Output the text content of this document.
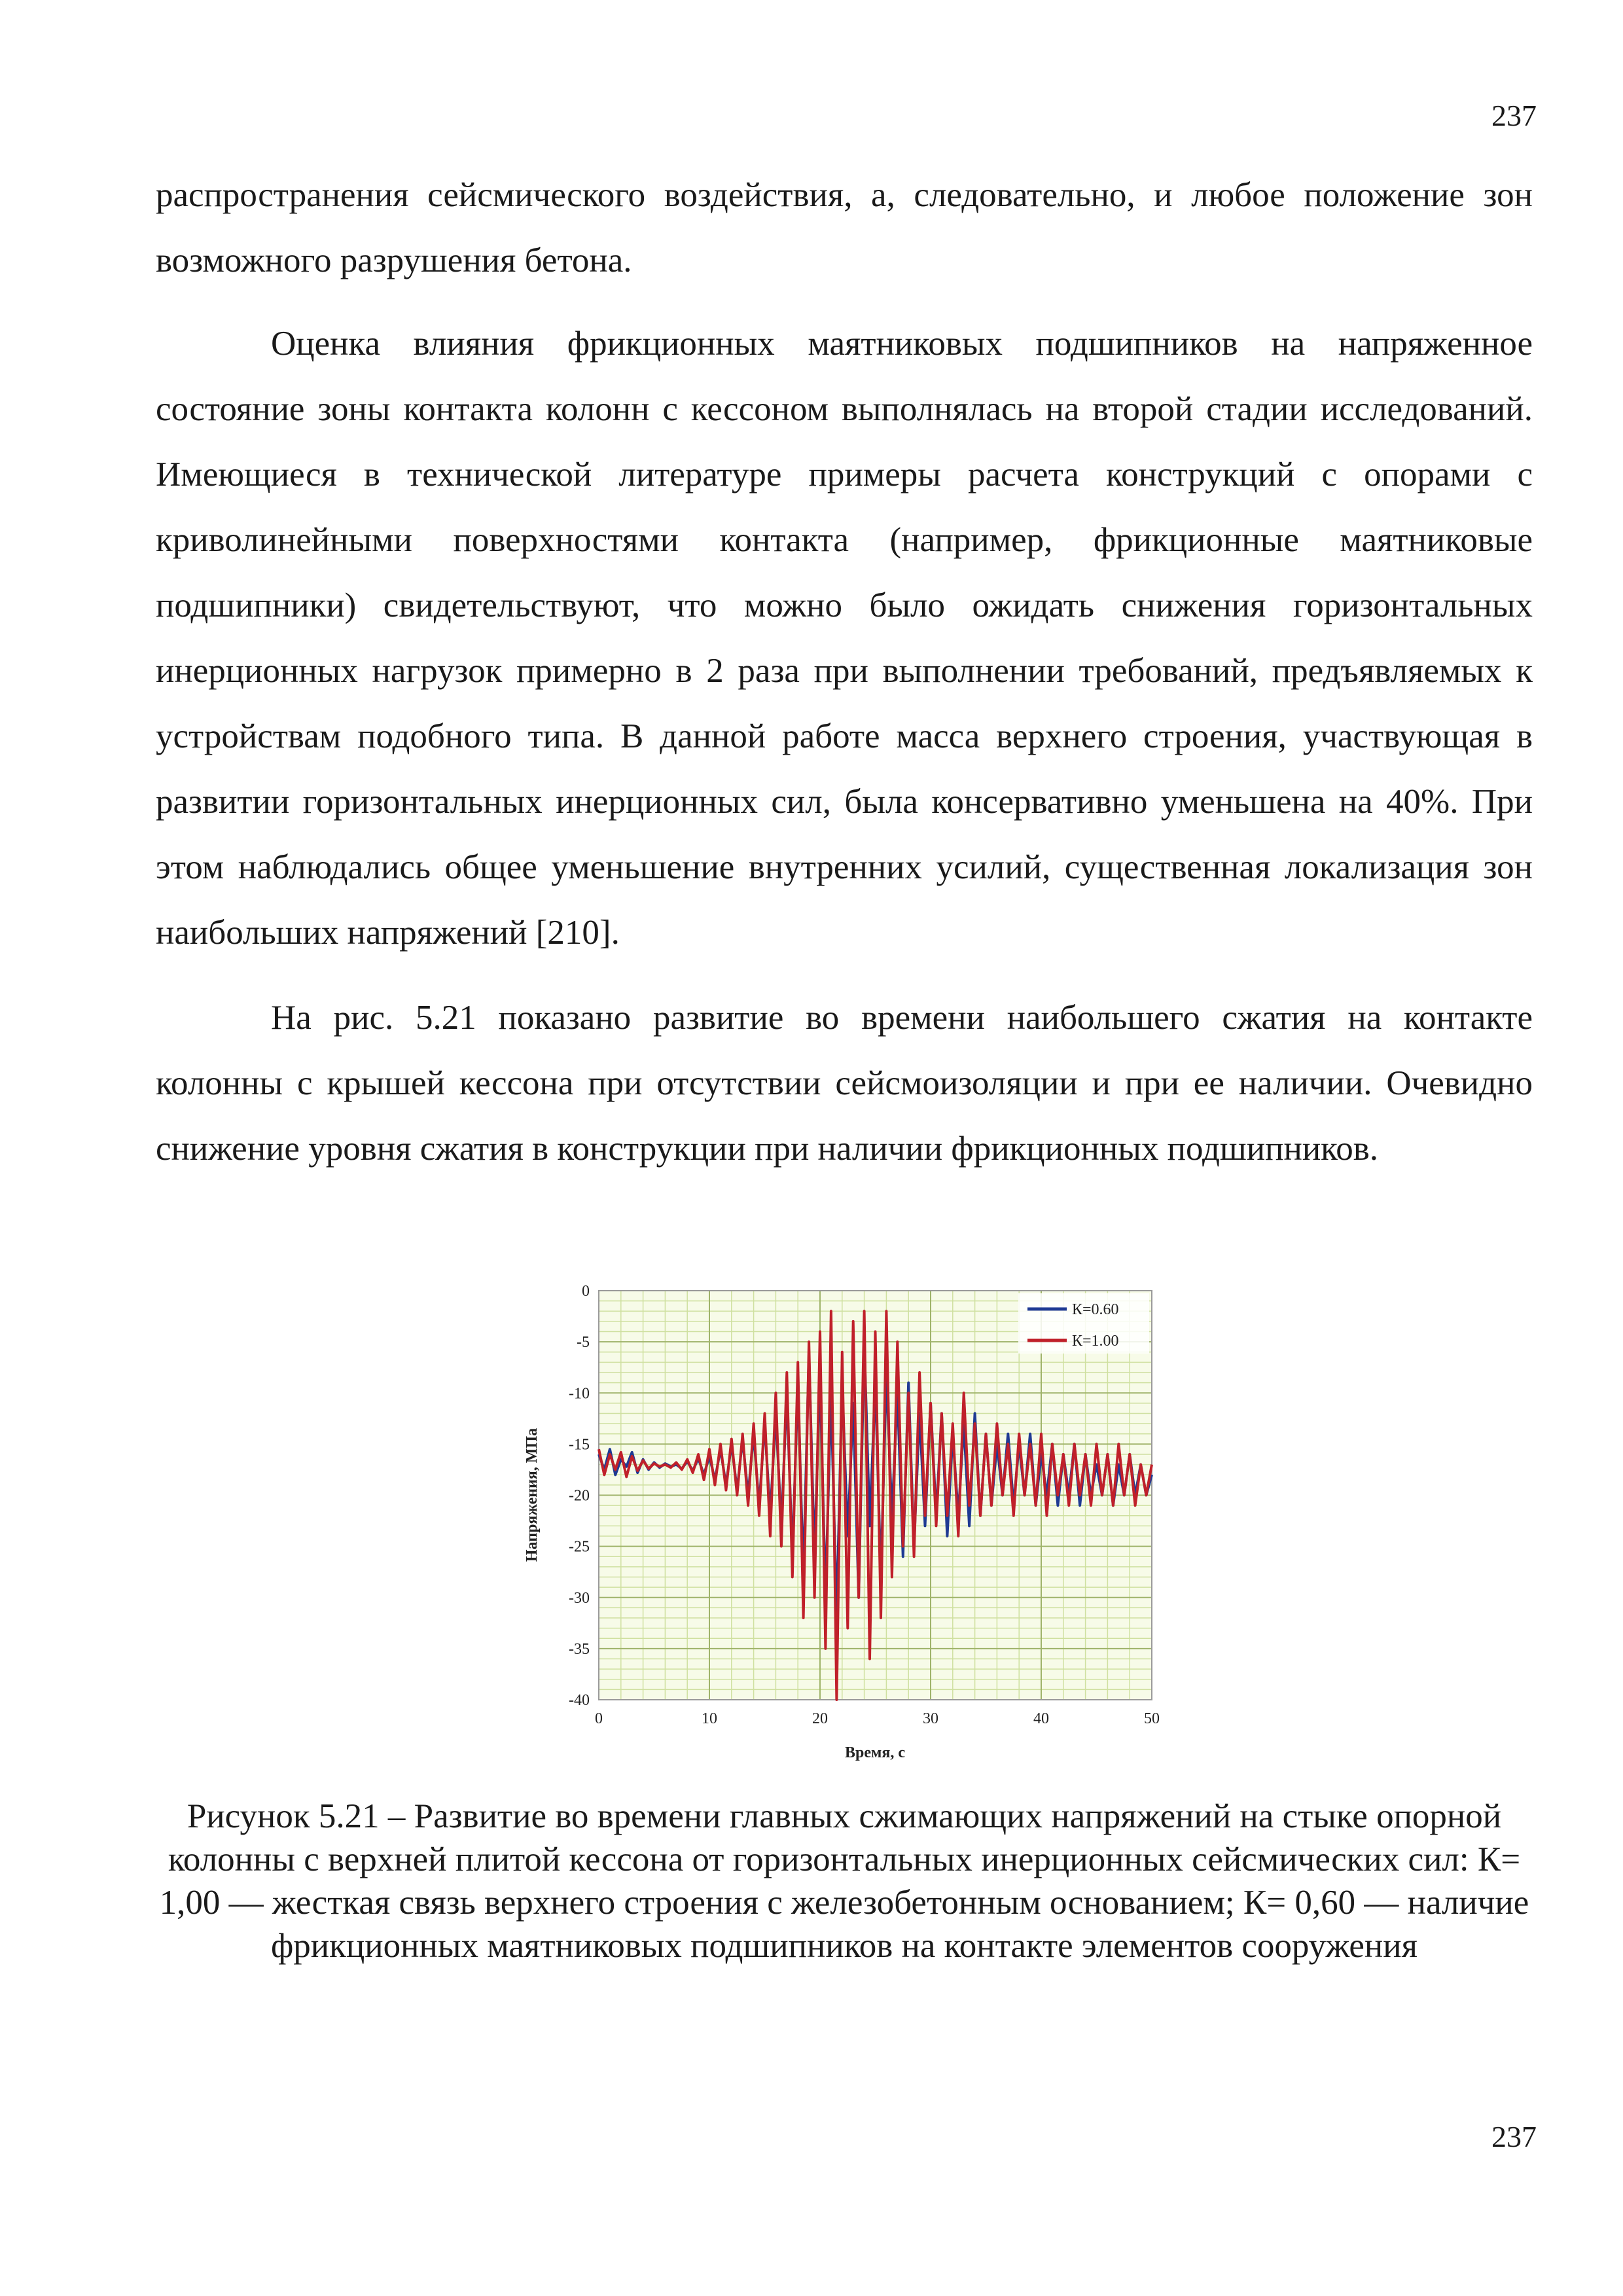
237

распространения сейсмического воздействия, а, следовательно, и любое положение зон возможного разрушения бетона.

Оценка влияния фрикционных маятниковых подшипников на напряженное состояние зоны контакта колонн с кессоном выполнялась на второй стадии исследований. Имеющиеся в технической литературе примеры расчета конструкций с опорами с криволинейными поверхностями контакта (например, фрикционные маятниковые подшипники) свидетельствуют, что можно было ожидать снижения горизонтальных инерционных нагрузок примерно в 2 раза при выполнении требований, предъявляемых к устройствам подобного типа. В данной работе масса верхнего строения, участвующая в развитии горизонтальных инерционных сил, была консервативно уменьшена на 40%. При этом наблюдались общее уменьшение внутренних усилий, существенная локализация зон наибольших напряжений [210].

На рис. 5.21 показано развитие во времени наибольшего сжатия на контакте колонны с крышей кессона при отсутствии сейсмоизоляции и при ее наличии. Очевидно снижение уровня сжатия в конструкции при наличии фрикционных подшипников.

0
-5
-10
-15
-20
-25
-30
-35
-40
0	10	20	30	40	50
Напряжения, МПа
Время, с
К=0.60
К=1.00
Рисунок 5.21 – Развитие во времени главных сжимающих напряжений на стыке опорной колонны с верхней плитой кессона от горизонтальных инерционных сейсмических сил: К= 1,00 — жесткая связь верхнего строения с железобетонным основанием; К= 0,60 — наличие фрикционных маятниковых подшипников на контакте элементов сооружения
237
